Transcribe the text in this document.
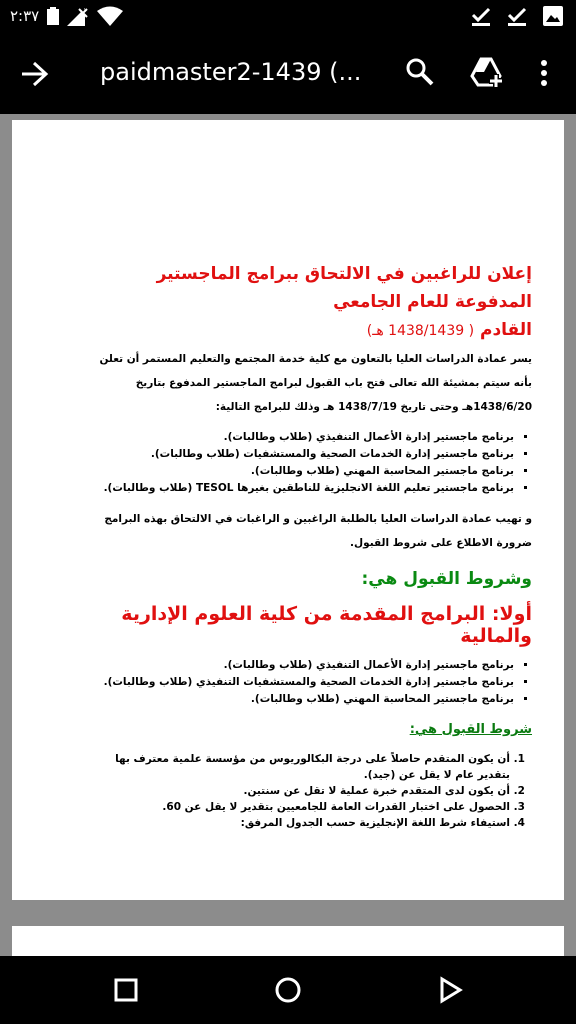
٢:٣٧
paidmaster2-1439 (...
إعلان للراغبين في الالتحاق ببرامج الماجستير المدفوعة للعام الجامعي
القادم ( 1438/1439 هـ)
يسر عمادة الدراسات العليا بالتعاون مع كلية خدمة المجتمع والتعليم المستمر أن تعلن بأنه سيتم بمشيئة الله تعالى فتح باب القبول لبرامج الماجستير المدفوع بتاريخ 1438/6/20هـ وحتى تاريخ 1438/7/19 هـ وذلك للبرامج التالية:
▪ برنامج ماجستير إدارة الأعمال التنفيذي (طلاب وطالبات).
▪ برنامج ماجستير إدارة الخدمات الصحية والمستشفيات (طلاب وطالبات).
▪ برنامج ماجستير المحاسبة المهني (طلاب وطالبات).
▪ برنامج ماجستير تعليم اللغة الانجليزية للناطقين بغيرها TESOL (طلاب وطالبات).
و تهيب عمادة الدراسات العليا بالطلبة الراغبين و الراغبات في الالتحاق بهذه البرامج ضرورة الاطلاع على شروط القبول.
وشروط القبول هي:
أولا: البرامج المقدمة من كلية العلوم الإدارية والمالية
▪ برنامج ماجستير إدارة الأعمال التنفيذي (طلاب وطالبات).
▪ برنامج ماجستير إدارة الخدمات الصحية والمستشفيات التنفيذي (طلاب وطالبات).
▪ برنامج ماجستير المحاسبة المهني (طلاب وطالبات).
شروط القبول هي:
1. أن يكون المتقدم حاصلاً على درجة البكالوريوس من مؤسسة علمية معترف بها بتقدير عام لا يقل عن (جيد).
2. أن يكون لدى المتقدم خبرة عملية لا تقل عن سنتين.
3. الحصول على اختبار القدرات العامة للجامعيين بتقدير لا يقل عن 60.
4. استيفاء شرط اللغة الإنجليزية حسب الجدول المرفق:
